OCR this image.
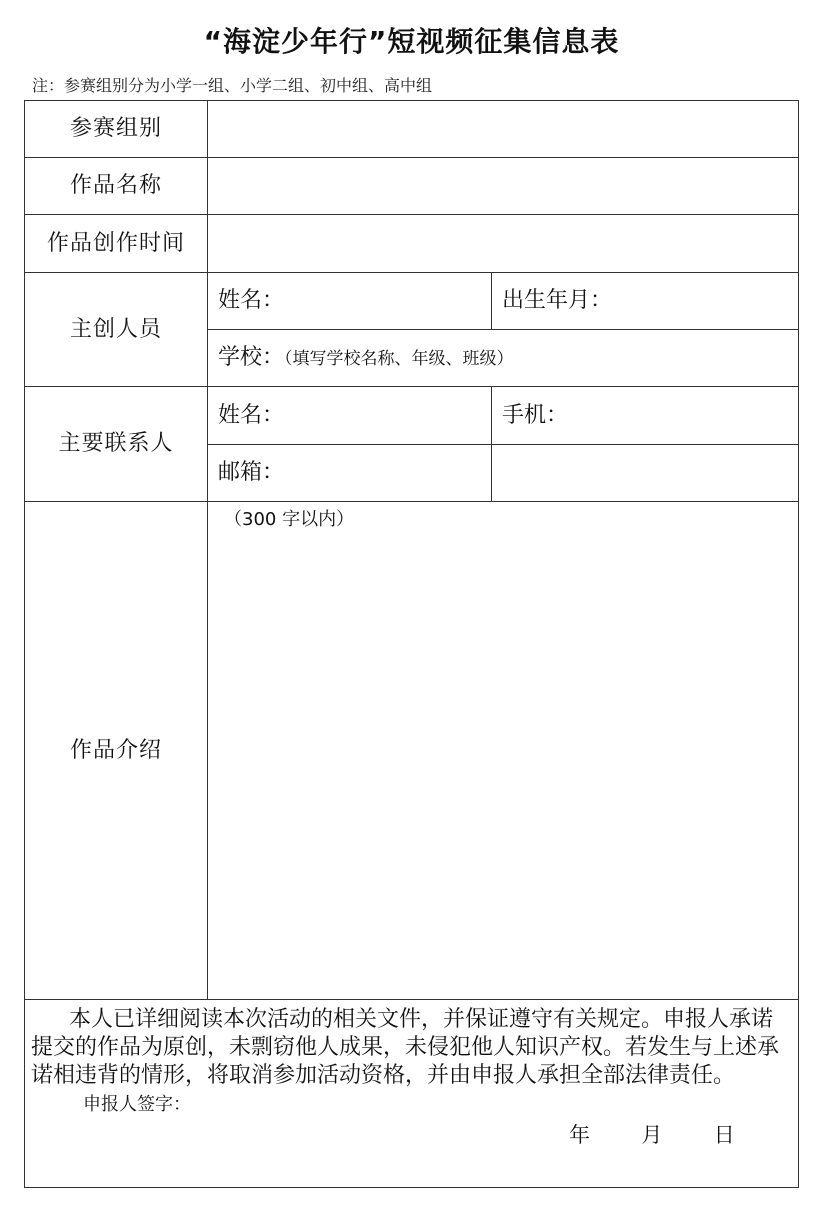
“海淀少年行”短视频征集信息表
注：参赛组别分为小学一组、小学二组、初中组、高中组
参赛组别		
作品名称		
作品创作时间		
主创人员	姓名：	出生年月：
	学校：（填写学校名称、年级、班级）	
主要联系人	姓名：	手机：
	邮箱：	
作品介绍	（300 字以内）	

本人已详细阅读本次活动的相关文件，并保证遵守有关规定。申报人承诺提交的作品为原创，未剽窃他人成果，未侵犯他人知识产权。若发生与上述承诺相违背的情形，将取消参加活动资格，并由申报人承担全部法律责任。

申报人签字：
年 月 日		
